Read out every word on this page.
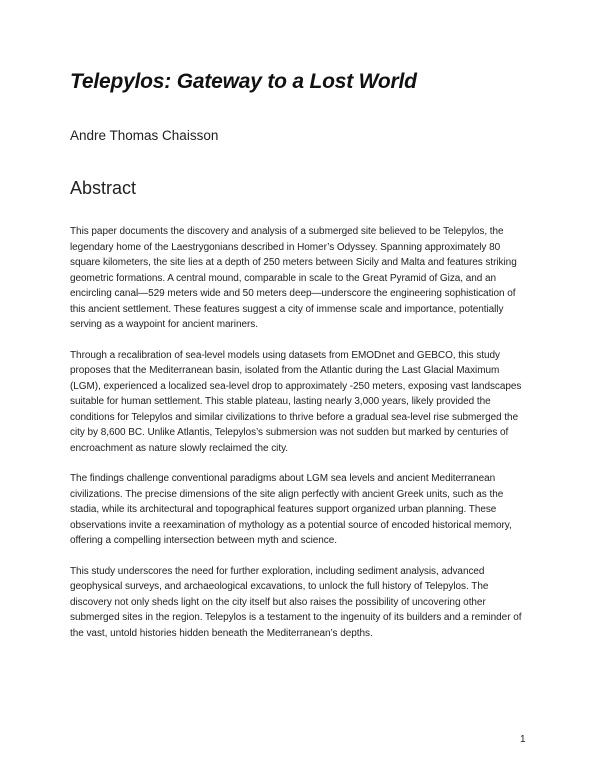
Telepylos: Gateway to a Lost World

Andre Thomas Chaisson

Abstract

This paper documents the discovery and analysis of a submerged site believed to be Telepylos, the legendary home of the Laestrygonians described in Homer’s Odyssey. Spanning approximately 80 square kilometers, the site lies at a depth of 250 meters between Sicily and Malta and features striking geometric formations. A central mound, comparable in scale to the Great Pyramid of Giza, and an encircling canal—529 meters wide and 50 meters deep—underscore the engineering sophistication of this ancient settlement. These features suggest a city of immense scale and importance, potentially serving as a waypoint for ancient mariners.

Through a recalibration of sea-level models using datasets from EMODnet and GEBCO, this study proposes that the Mediterranean basin, isolated from the Atlantic during the Last Glacial Maximum (LGM), experienced a localized sea-level drop to approximately -250 meters, exposing vast landscapes suitable for human settlement. This stable plateau, lasting nearly 3,000 years, likely provided the conditions for Telepylos and similar civilizations to thrive before a gradual sea-level rise submerged the city by 8,600 BC. Unlike Atlantis, Telepylos’s submersion was not sudden but marked by centuries of encroachment as nature slowly reclaimed the city.

The findings challenge conventional paradigms about LGM sea levels and ancient Mediterranean civilizations. The precise dimensions of the site align perfectly with ancient Greek units, such as the stadia, while its architectural and topographical features support organized urban planning. These observations invite a reexamination of mythology as a potential source of encoded historical memory, offering a compelling intersection between myth and science.

This study underscores the need for further exploration, including sediment analysis, advanced geophysical surveys, and archaeological excavations, to unlock the full history of Telepylos. The discovery not only sheds light on the city itself but also raises the possibility of uncovering other submerged sites in the region. Telepylos is a testament to the ingenuity of its builders and a reminder of the vast, untold histories hidden beneath the Mediterranean’s depths.

1
